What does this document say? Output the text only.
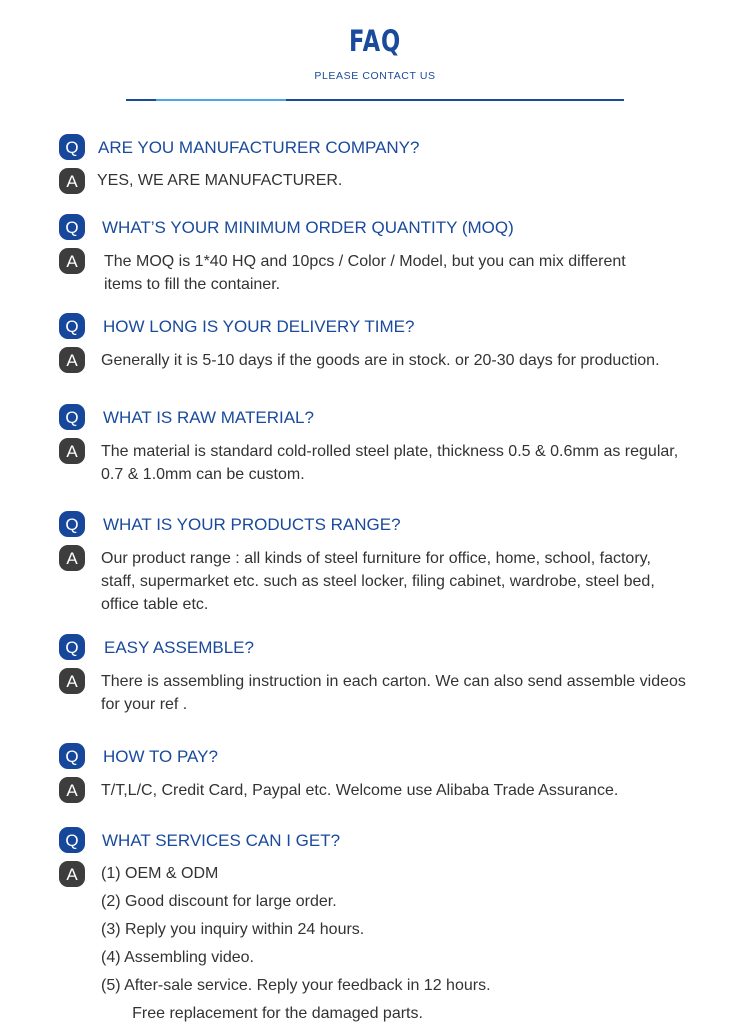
FAQ
PLEASE CONTACT US
Q	ARE YOU MANUFACTURER COMPANY?
A	YES, WE ARE MANUFACTURER.
Q	WHAT’S YOUR MINIMUM ORDER QUANTITY (MOQ)
A	The MOQ is 1*40 HQ and 10pcs / Color / Model, but you can mix different
items to fill the container.
Q	HOW LONG IS YOUR DELIVERY TIME?
A	Generally it is 5-10 days if the goods are in stock. or 20-30 days for production.
Q	WHAT IS RAW MATERIAL?
A	The material is standard cold-rolled steel plate, thickness 0.5 & 0.6mm as regular,
0.7 & 1.0mm can be custom.
Q	WHAT IS YOUR PRODUCTS RANGE?
A	Our product range : all kinds of steel furniture for office, home, school, factory,
staff, supermarket etc. such as steel locker, filing cabinet, wardrobe, steel bed,
office table etc.
Q	EASY ASSEMBLE?
A	There is assembling instruction in each carton. We can also send assemble videos
for your ref .
Q	HOW TO PAY?
A	T/T,L/C, Credit Card, Paypal etc. Welcome use Alibaba Trade Assurance.
Q	WHAT SERVICES CAN I GET?
A	(1) OEM & ODM
(2) Good discount for large order.
(3) Reply you inquiry within 24 hours.
(4) Assembling video.
(5) After-sale service. Reply your feedback in 12 hours.
Free replacement for the damaged parts.
